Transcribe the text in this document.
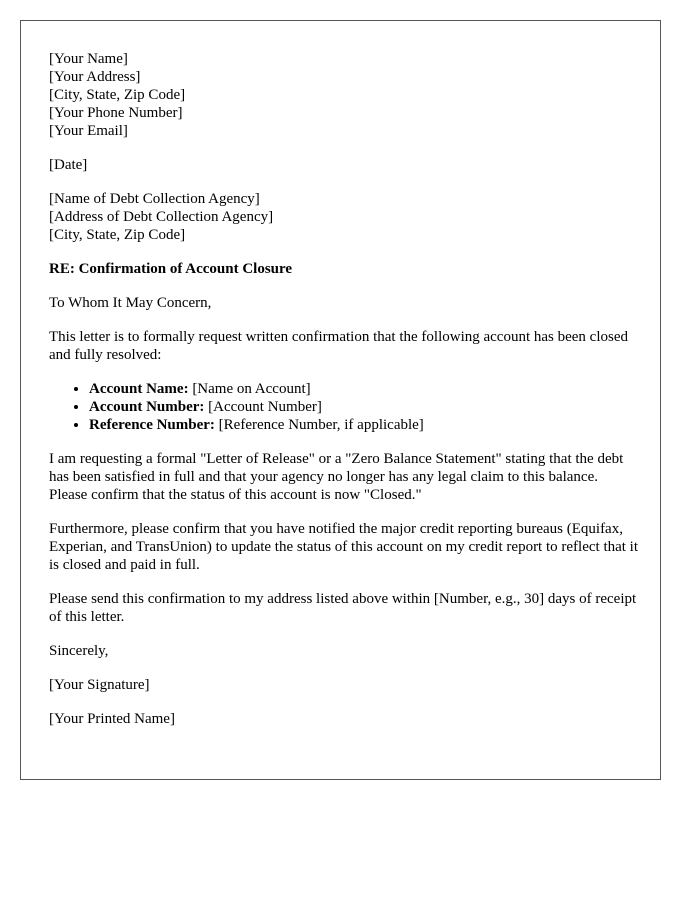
[Your Name]
[Your Address]
[City, State, Zip Code]
[Your Phone Number]
[Your Email]
[Date]
[Name of Debt Collection Agency]
[Address of Debt Collection Agency]
[City, State, Zip Code]

RE: Confirmation of Account Closure

To Whom It May Concern,

This letter is to formally request written confirmation that the following account has been closed and fully resolved:

• Account Name: [Name on Account]
• Account Number: [Account Number]
• Reference Number: [Reference Number, if applicable]

I am requesting a formal "Letter of Release" or a "Zero Balance Statement" stating that the debt has been satisfied in full and that your agency no longer has any legal claim to this balance. Please confirm that the status of this account is now "Closed."

Furthermore, please confirm that you have notified the major credit reporting bureaus (Equifax, Experian, and TransUnion) to update the status of this account on my credit report to reflect that it is closed and paid in full.

Please send this confirmation to my address listed above within [Number, e.g., 30] days of receipt of this letter.

Sincerely,

[Your Signature]

[Your Printed Name]
